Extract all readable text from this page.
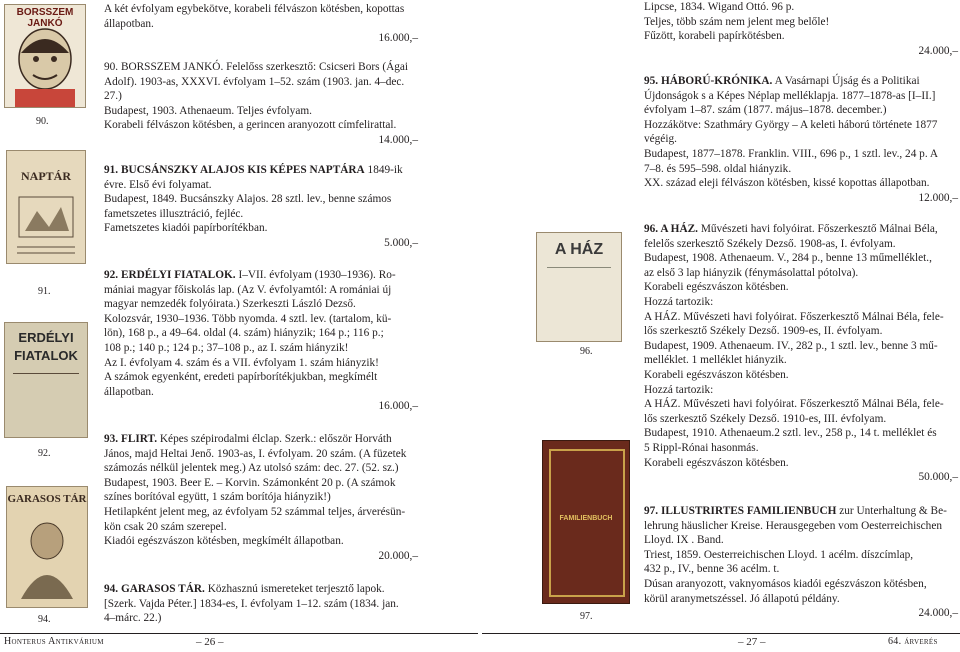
BORSSZEM JANKÓ
90.
NAPTÁR
91.
ERDÉLYI FIATALOK
92.
GARASOS TÁR
94.

A két évfolyam egybekötve, korabeli félvászon kötésben, kopottas

állapotban.

16.000,–

90. BORSSZEM JANKÓ. Felelőss szerkesztő: Csicseri Bors (Ágai

Adolf). 1903-as, XXXVI. évfolyam 1–52. szám (1903. jan. 4–dec.

27.)

Budapest, 1903. Athenaeum. Teljes évfolyam.

Korabeli félvászon kötésben, a gerincen aranyozott címfelirattal.

14.000,–

91. BUCSÁNSZKY ALAJOS KIS KÉPES NAPTÁRA 1849-ik

évre. Első évi folyamat.

Budapest, 1849. Bucsánszky Alajos. 28 sztl. lev., benne számos

fametszetes illusztráció, fejléc.

Fametszetes kiadói papírborítékban.

5.000,–

92. ERDÉLYI FIATALOK. I–VII. évfolyam (1930–1936). Ro-

mániai magyar főiskolás lap. (Az V. évfolyamtól: A romániai új

magyar nemzedék folyóirata.) Szerkeszti László Dezső.

Kolozsvár, 1930–1936. Több nyomda. 4 sztl. lev. (tartalom, kü-

lön), 168 p., a 49–64. oldal (4. szám) hiányzik; 164 p.; 116 p.;

108 p.; 140 p.; 124 p.; 37–108 p., az I. szám hiányzik!

Az I. évfolyam 4. szám és a VII. évfolyam 1. szám hiányzik!

A számok egyenként, eredeti papírborítékjukban, megkímélt

állapotban.

16.000,–

93. FLIRT. Képes szépirodalmi élclap. Szerk.: először Horváth

János, majd Heltai Jenő. 1903-as, I. évfolyam. 20 szám. (A füzetek

számozás nélkül jelentek meg.) Az utolsó szám: dec. 27. (52. sz.)

Budapest, 1903. Beer E. – Korvin. Számonként 20 p. (A számok

színes borítóval együtt, 1 szám borítója hiányzik!)

Hetilapként jelent meg, az évfolyam 52 számmal teljes, árverésün-

kön csak 20 szám szerepel.

Kiadói egészvászon kötésben, megkímélt állapotban.

20.000,–

94. GARASOS TÁR. Közhasznú ismereteket terjesztő lapok.

[Szerk. Vajda Péter.] 1834-es, I. évfolyam 1–12. szám (1834. jan.

4–márc. 22.)

Honterus Antikvárium	– 26 –
A HÁZ
96.
FAMILIENBUCH
97.

Lipcse, 1834. Wigand Ottó. 96 p.

Teljes, több szám nem jelent meg belőle!

Fűzött, korabeli papírkötésben.

24.000,–

95. HÁBORÚ-KRÓNIKA. A Vasárnapi Újság és a Politikai

Újdonságok s a Képes Néplap melléklapja. 1877–1878-as [I–II.]

évfolyam 1–87. szám (1877. május–1878. december.)

Hozzákötve: Szathmáry György – A keleti háború története 1877

végéig.

Budapest, 1877–1878. Franklin. VIII., 696 p., 1 sztl. lev., 24 p. A

7–8. és 595–598. oldal hiányzik.

XX. század eleji félvászon kötésben, kissé kopottas állapotban.

12.000,–

96. A HÁZ. Művészeti havi folyóirat. Főszerkesztő Málnai Béla,

felelős szerkesztő Székely Dezső. 1908-as, I. évfolyam.

Budapest, 1908. Athenaeum. V., 284 p., benne 13 műmelléklet.,

az első 3 lap hiányzik (fénymásolattal pótolva).

Korabeli egészvászon kötésben.

Hozzá tartozik:

A HÁZ. Művészeti havi folyóirat. Főszerkesztő Málnai Béla, fele-

lős szerkesztő Székely Dezső. 1909-es, II. évfolyam.

Budapest, 1909. Athenaeum. IV., 282 p., 1 sztl. lev., benne 3 mű-

melléklet. 1 melléklet hiányzik.

Korabeli egészvászon kötésben.

Hozzá tartozik:

A HÁZ. Művészeti havi folyóirat. Főszerkesztő Málnai Béla, fele-

lős szerkesztő Székely Dezső. 1910-es, III. évfolyam.

Budapest, 1910. Athenaeum.2 sztl. lev., 258 p., 14 t. melléklet és

5 Rippl-Rónai hasonmás.

Korabeli egészvászon kötésben.

50.000,–

97. ILLUSTRIRTES FAMILIENBUCH zur Unterhaltung & Be-

lehrung häuslicher Kreise. Herausgegeben vom Oesterreichischen

Lloyd. IX . Band.

Triest, 1859. Oesterreichischen Lloyd. 1 acélm. díszcímlap,

432 p., IV., benne 36 acélm. t.

Dúsan aranyozott, vaknyomásos kiadói egészvászon kötésben,

körül aranymetszéssel. Jó állapotú példány.

24.000,–

– 27 –	64. árverés
